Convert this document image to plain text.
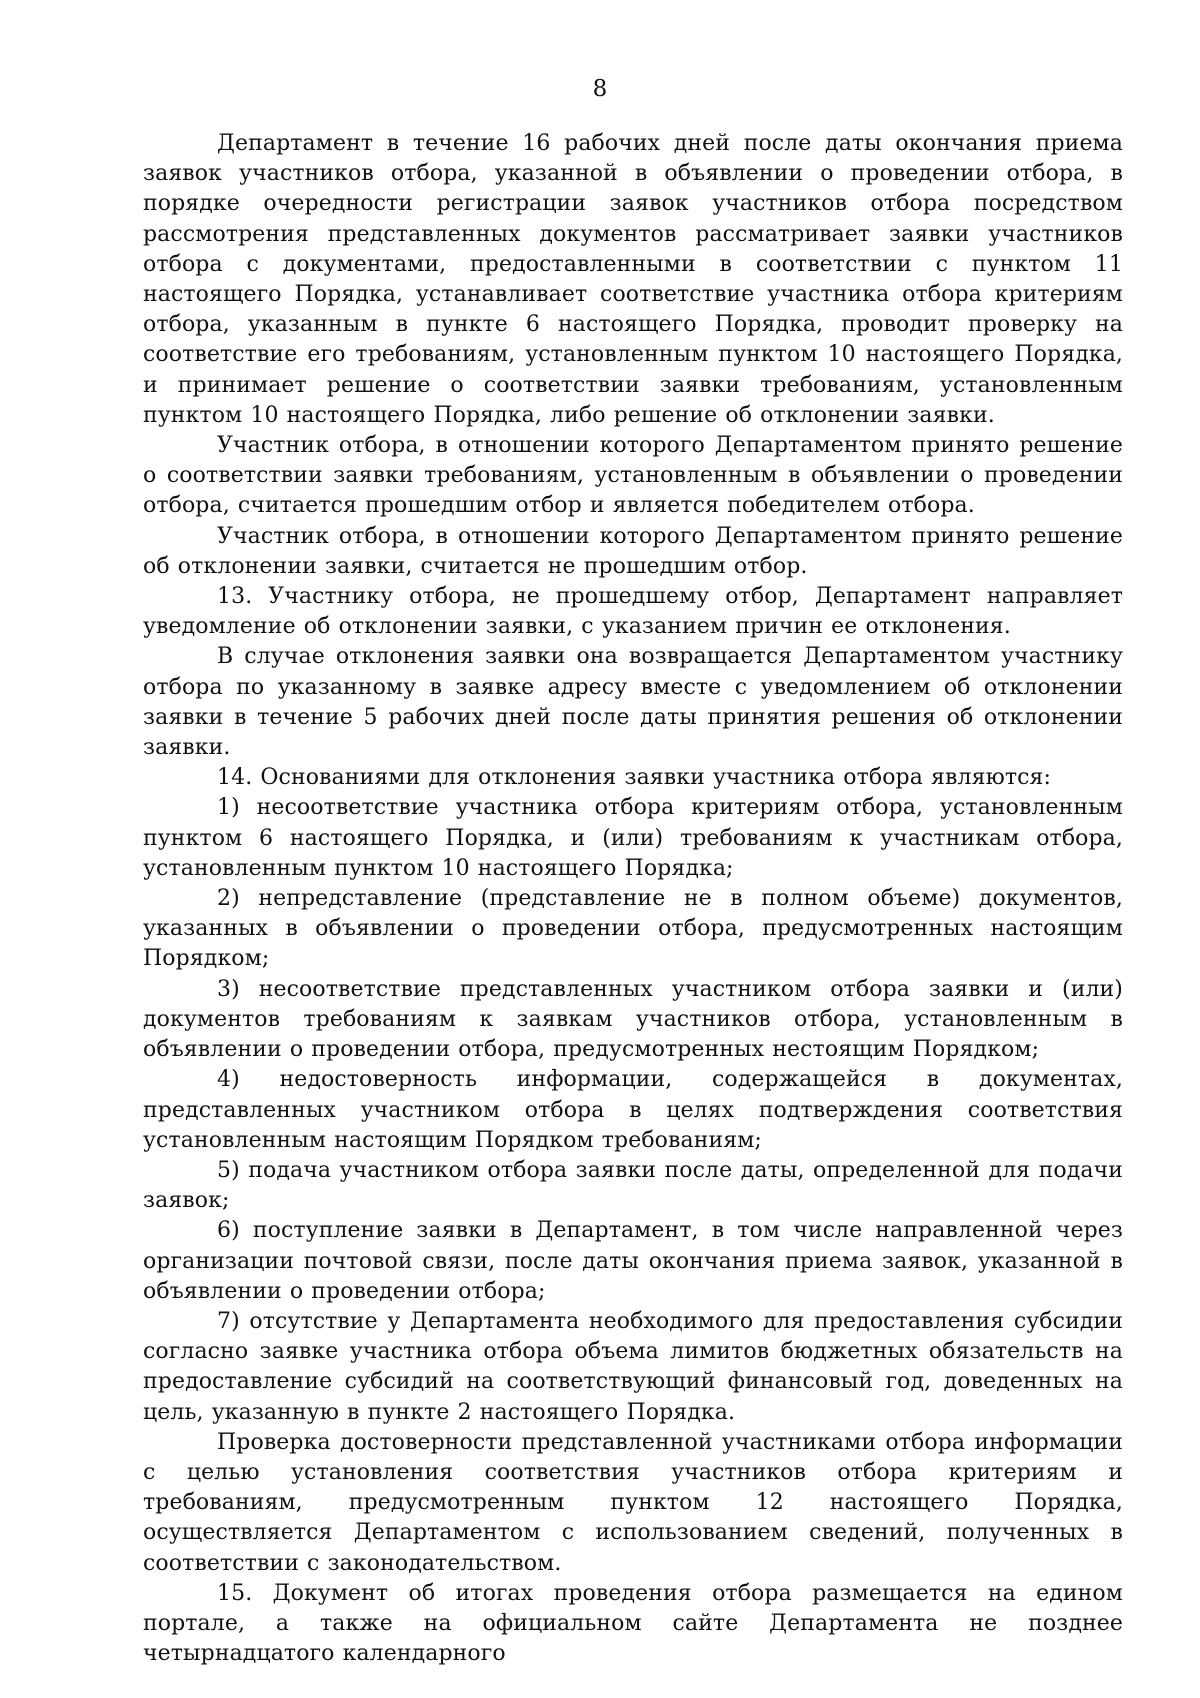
8

Департамент в течение 16 рабочих дней после даты окончания приема заявок участников отбора, указанной в объявлении о проведении отбора, в порядке очередности регистрации заявок участников отбора посредством рассмотрения представленных документов рассматривает заявки участников отбора с документами, предоставленными в соответствии с пунктом 11 настоящего Порядка, устанавливает соответствие участника отбора критериям отбора, указанным в пункте 6 настоящего Порядка, проводит проверку на соответствие его требованиям, установленным пунктом 10 настоящего Порядка, и принимает решение о соответствии заявки требованиям, установленным пунктом 10 настоящего Порядка, либо решение об отклонении заявки.

Участник отбора, в отношении которого Департаментом принято решение о соответствии заявки требованиям, установленным в объявлении о проведении отбора, считается прошедшим отбор и является победителем отбора.

Участник отбора, в отношении которого Департаментом принято решение об отклонении заявки, считается не прошедшим отбор.

13. Участнику отбора, не прошедшему отбор, Департамент направляет уведомление об отклонении заявки, с указанием причин ее отклонения.

В случае отклонения заявки она возвращается Департаментом участнику отбора по указанному в заявке адресу вместе с уведомлением об отклонении заявки в течение 5 рабочих дней после даты принятия решения об отклонении заявки.

14. Основаниями для отклонения заявки участника отбора являются:

1) несоответствие участника отбора критериям отбора, установленным пунктом 6 настоящего Порядка, и (или) требованиям к участникам отбора, установленным пунктом 10 настоящего Порядка;

2) непредставление (представление не в полном объеме) документов, указанных в объявлении о проведении отбора, предусмотренных настоящим Порядком;

3) несоответствие представленных участником отбора заявки и (или) документов требованиям к заявкам участников отбора, установленным в объявлении о проведении отбора, предусмотренных нестоящим Порядком;

4) недостоверность информации, содержащейся в документах, представленных участником отбора в целях подтверждения соответствия установленным настоящим Порядком требованиям;

5) подача участником отбора заявки после даты, определенной для подачи заявок;

6) поступление заявки в Департамент, в том числе направленной через организации почтовой связи, после даты окончания приема заявок, указанной в объявлении о проведении отбора;

7) отсутствие у Департамента необходимого для предоставления субсидии согласно заявке участника отбора объема лимитов бюджетных обязательств на предоставление субсидий на соответствующий финансовый год, доведенных на цель, указанную в пункте 2 настоящего Порядка.

Проверка достоверности представленной участниками отбора информации с целью установления соответствия участников отбора критериям и требованиям, предусмотренным пунктом 12 настоящего Порядка, осуществляется Департаментом с использованием сведений, полученных в соответствии с законодательством.

15. Документ об итогах проведения отбора размещается на едином портале, а также на официальном сайте Департамента не позднее четырнадцатого календарного
